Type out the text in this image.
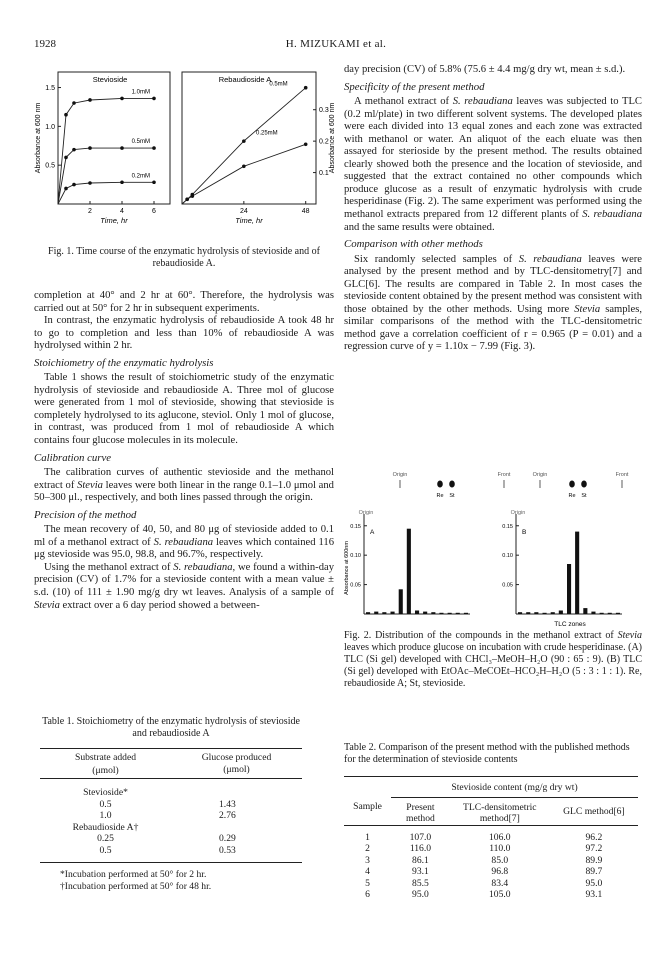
1928	H. MIZUKAMI et al.
Stevioside
2	4	6
0.5
1.0
1.5
Time, hr
1.0mM
0.5mM
0.2mM
Rebaudioside A
24	48
0.1
0.2
0.3
Time, hr
0.5mM
0.25mM
Absorbance at 600 nm	Absorbance at 600 nm
Fig. 1. Time course of the enzymatic hydrolysis of stevioside and of rebaudioside A.

completion at 40° and 2 hr at 60°. Therefore, the hydrolysis was carried out at 50° for 2 hr in subsequent experiments.

In contrast, the enzymatic hydrolysis of rebaudioside A took 48 hr to go to completion and less than 10% of rebaudioside A was hydrolysed within 2 hr.

Stoichiometry of the enzymatic hydrolysis

Table 1 shows the result of stoichiometric study of the enzymatic hydrolysis of stevioside and rebaudioside A. Three mol of glucose were generated from 1 mol of stevioside, showing that stevioside is completely hydrolysed to its aglucone, steviol. Only 1 mol of glucose, in contrast, was produced from 1 mol of rebaudioside A which contains four glucose molecules in its molecule.

Calibration curve

The calibration curves of authentic stevioside and the methanol extract of Stevia leaves were both linear in the range 0.1–1.0 μmol and 50–300 μl., respectively, and both lines passed through the origin.

Precision of the method

The mean recovery of 40, 50, and 80 μg of stevioside added to 0.1 ml of a methanol extract of S. rebaudiana leaves which contained 116 μg stevioside was 95.0, 98.8, and 96.7%, respectively.

Using the methanol extract of S. rebaudiana, we found a within-day precision (CV) of 1.7% for a stevioside content with a mean value ± s.d. (10) of 111 ± 1.90 mg/g dry wt leaves. Analysis of a sample of Stevia extract over a 6 day period showed a between-

day precision (CV) of 5.8% (75.6 ± 4.4 mg/g dry wt, mean ± s.d.).

Specificity of the present method

A methanol extract of S. rebaudiana leaves was subjected to TLC (0.2 ml/plate) in two different solvent systems. The developed plates were each divided into 13 equal zones and each zone was extracted with methanol or water. An aliquot of the each eluate was then assayed for sterioside by the present method. The results obtained clearly showed both the presence and the location of stevioside, and suggested that the extract contained no other compounds which produce glucose as a result of enzymatic hydrolysis with crude hesperidinase (Fig. 2). The same experiment was performed using the methanol extracts prepared from 12 different plants of S. rebaudiana and the same results were obtained.

Comparison with other methods

Six randomly selected samples of S. rebaudiana leaves were analysed by the present method and by TLC-densitometry[7] and GLC[6]. The results are compared in Table 2. In most cases the stevioside content obtained by the present method was consistent with those obtained by the other methods. Using more Stevia samples, similar comparisons of the method with the TLC-densitometric method gave a correlation coefficient of r = 0.965 (P = 0.01) and a regression curve of y = 1.10x − 7.99 (Fig. 3).

0.05
0.10
0.15
A
Origin
0.05
0.10
0.15
B
Origin
Absorbance at 600nm
TLC zones
Fig. 2. Distribution of the compounds in the methanol extract of Stevia leaves which produce glucose on incubation with crude hesperidinase. (A) TLC (Si gel) developed with CHCl₃–MeOH–H₂O (90 : 65 : 9). (B) TLC (Si gel) developed with EtOAc–MeCOEt–HCO₂H–H₂O (5 : 3 : 1 : 1). Re, rebaudioside A; St, stevioside.
Table 1. Stoichiometry of the enzymatic hydrolysis of stevioside and rebaudioside A
Substrate added	Glucose produced
(μmol)	(μmol)
Stevioside*	
0.5	1.43
1.0	2.76
Rebaudioside A†	
0.25	0.29
0.5	0.53
*Incubation performed at 50° for 2 hr.
†Incubation performed at 50° for 48 hr.
Table 2. Comparison of the present method with the published methods for the determination of stevioside contents
	Stevioside content (mg/g dry wt)		
Sample	Present method	TLC-densitometric method[7]	GLC method[6]
1	107.0	106.0	96.2
2	116.0	110.0	97.2
3	86.1	85.0	89.9
4	93.1	96.8	89.7
5	85.5	83.4	95.0
6	95.0	105.0	93.1
Origin	Front	Origin	Front
Re St	Re St
